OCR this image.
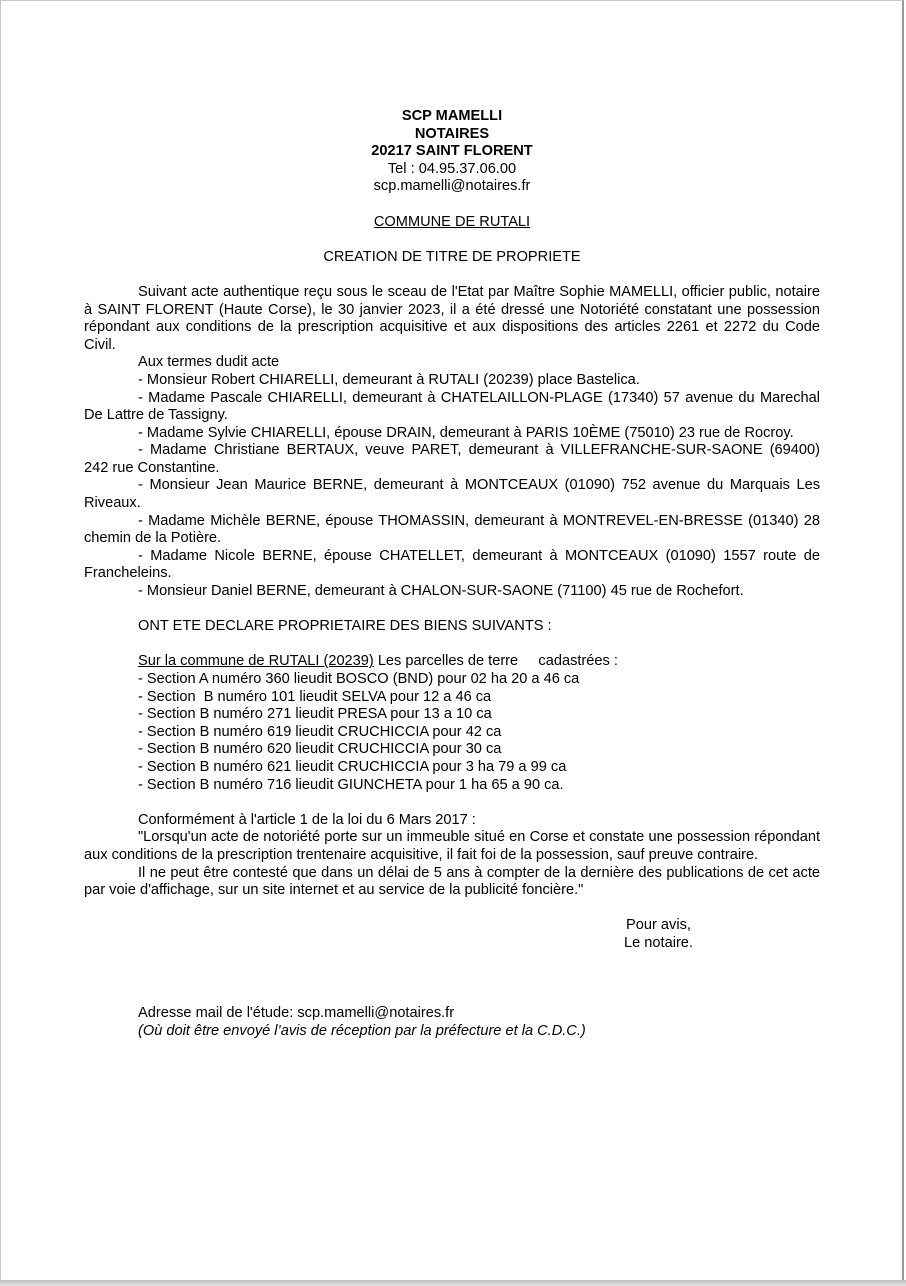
SCP MAMELLI

NOTAIRES

20217 SAINT FLORENT

Tel : 04.95.37.06.00

scp.mamelli@notaires.fr

COMMUNE DE RUTALI

CREATION DE TITRE DE PROPRIETE

Suivant acte authentique reçu sous le sceau de l'Etat par Maître Sophie MAMELLI, officier public, notaire à SAINT FLORENT (Haute Corse), le 30 janvier 2023, il a été dressé une Notoriété constatant une possession répondant aux conditions de la prescription acquisitive et aux dispositions des articles 2261 et 2272 du Code Civil.

Aux termes dudit acte

- Monsieur Robert CHIARELLI, demeurant à RUTALI (20239) place Bastelica.

- Madame Pascale CHIARELLI, demeurant à CHATELAILLON-PLAGE (17340) 57 avenue du Marechal De Lattre de Tassigny.

- Madame Sylvie CHIARELLI, épouse DRAIN, demeurant à PARIS 10ÈME (75010) 23 rue de Rocroy.

- Madame Christiane BERTAUX, veuve PARET, demeurant à VILLEFRANCHE-SUR-SAONE (69400) 242 rue Constantine.

- Monsieur Jean Maurice BERNE, demeurant à MONTCEAUX (01090) 752 avenue du Marquais Les Riveaux.

- Madame Michèle BERNE, épouse THOMASSIN, demeurant à MONTREVEL-EN-BRESSE (01340) 28 chemin de la Potière.

- Madame Nicole BERNE, épouse CHATELLET, demeurant à MONTCEAUX (01090) 1557 route de Francheleins.

- Monsieur Daniel BERNE, demeurant à CHALON-SUR-SAONE (71100) 45 rue de Rochefort.

ONT ETE DECLARE PROPRIETAIRE DES BIENS SUIVANTS :

Sur la commune de RUTALI (20239) Les parcelles de terre     cadastrées :

- Section A numéro 360 lieudit BOSCO (BND) pour 02 ha 20 a 46 ca

- Section  B numéro 101 lieudit SELVA pour 12 a 46 ca

- Section B numéro 271 lieudit PRESA pour 13 a 10 ca

- Section B numéro 619 lieudit CRUCHICCIA pour 42 ca

- Section B numéro 620 lieudit CRUCHICCIA pour 30 ca

- Section B numéro 621 lieudit CRUCHICCIA pour 3 ha 79 a 99 ca

- Section B numéro 716 lieudit GIUNCHETA pour 1 ha 65 a 90 ca.

Conformément à l'article 1 de la loi du 6 Mars 2017 :

"Lorsqu'un acte de notoriété porte sur un immeuble situé en Corse et constate une possession répondant aux conditions de la prescription trentenaire acquisitive, il fait foi de la possession, sauf preuve contraire.

Il ne peut être contesté que dans un délai de 5 ans à compter de la dernière des publications de cet acte par voie d'affichage, sur un site internet et au service de la publicité foncière."

Pour avis,

Le notaire.

Adresse mail de l'étude: scp.mamelli@notaires.fr

(Où doit être envoyé l’avis de réception par la préfecture et la C.D.C.)
